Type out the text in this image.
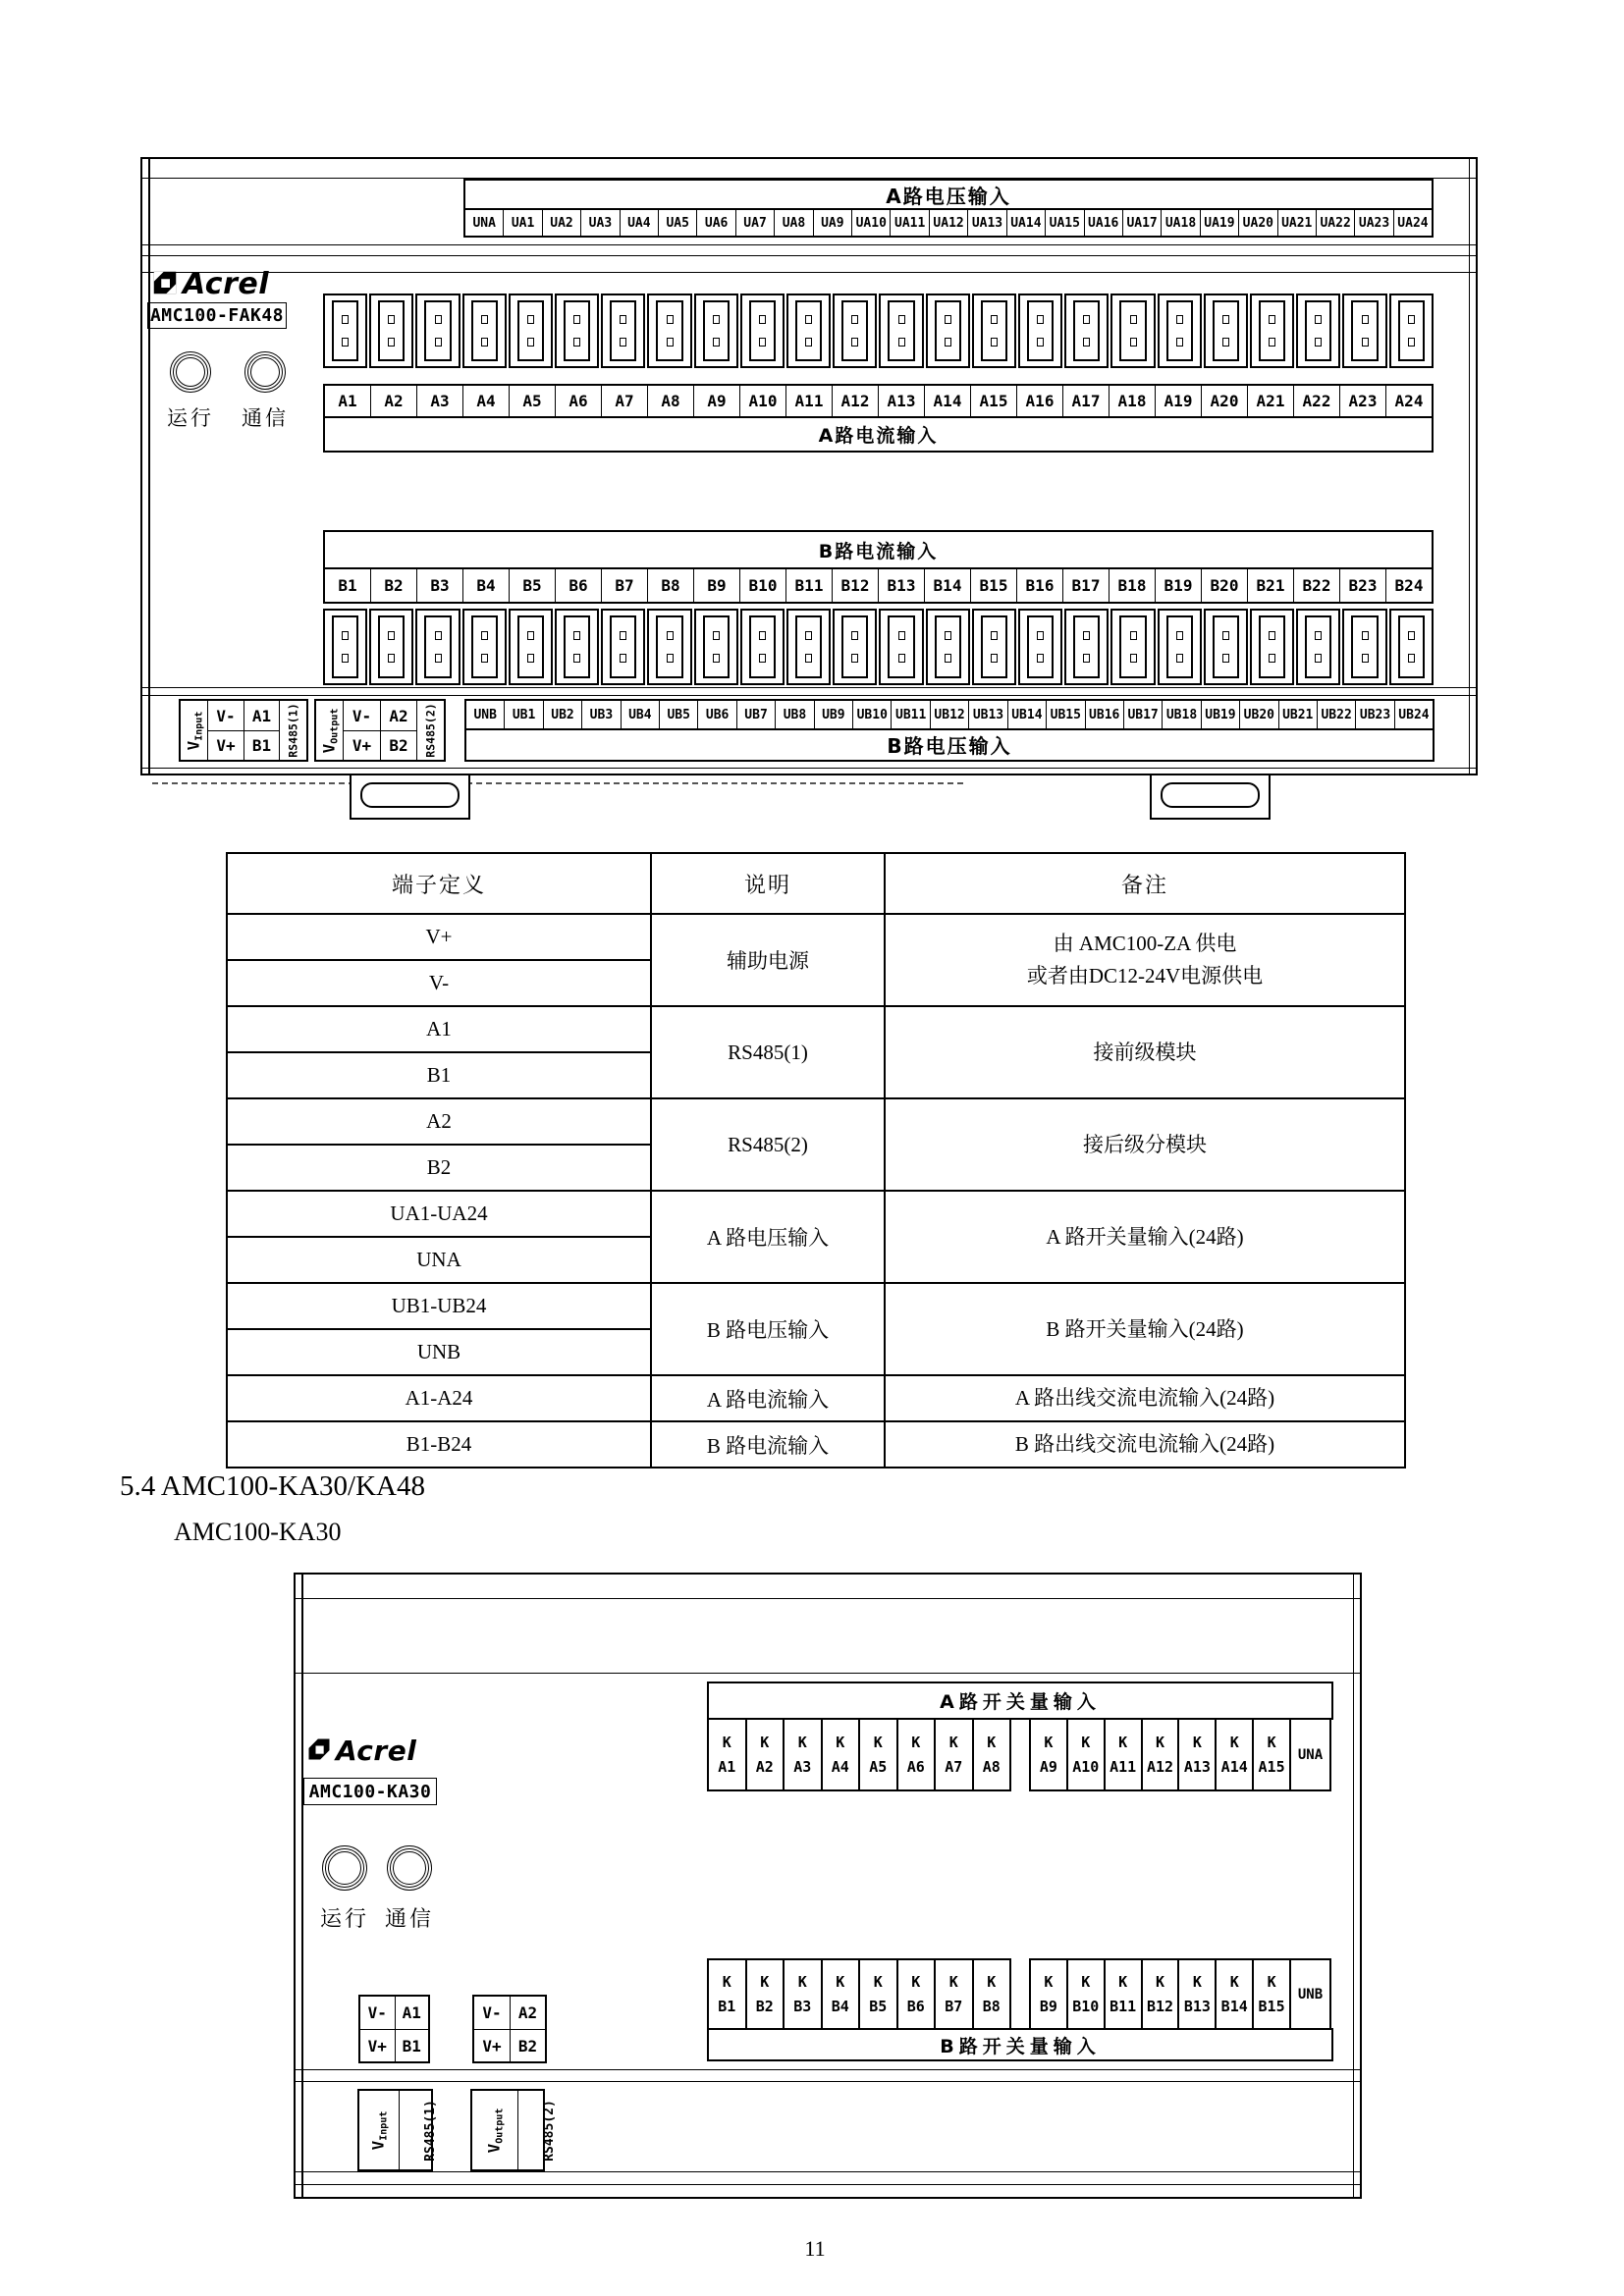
A路电压输入
UNA	UA1	UA2	UA3	UA4	UA5	UA6	UA7	UA8	UA9 UA10 UA11 UA12 UA13 UA14 UA15 UA16 UA17 UA18 UA19 UA20 UA21 UA22 UA23 UA24
Acrel
AMC100-FAK48
运行 通信
A1	A2	A3	A4	A5	A6	A7	A8	A9	A10	A11	A12	A13	A14	A15	A16	A17	A18	A19	A20	A21	A22	A23	A24
A路电流输入
B路电流输入
B1	B2	B3	B4	B5	B6	B7	B8	B9	B10	B11	B12	B13	B14	B15	B16	B17	B18	B19	B20	B21	B22	B23	B24
VInput V-	A1
V+	B1	RS485(1) VOutput V-	A2
V+	B2	RS485(2)	UNB	UB1	UB2	UB3	UB4	UB5	UB6	UB7	UB8	UB9 UB10 UB11 UB12 UB13 UB14 UB15 UB16 UB17 UB18 UB19 UB20 UB21 UB22 UB23 UB24
B路电压输入
端子定义	说明	备注
V+	辅助电源	由 AMC100-ZA 供电
或者由DC12-24V电源供电
V-		
A1	RS485(1)	接前级模块
B1		
A2	RS485(2)	接后级分模块
B2		
UA1-UA24	A 路电压输入	A 路开关量输入(24路)
UNA		
UB1-UB24	B 路电压输入	B 路开关量输入(24路)
UNB		
A1-A24	A 路电流输入	A 路出线交流电流输入(24路)
B1-B24	B 路电流输入	B 路出线交流电流输入(24路)
5.4 AMC100-KA30/KA48
AMC100-KA30
Acrel
AMC100-KA30
运行 通信
A路开关量输入
K
A1
K
A2
K
A3
K
A4
K
A5
K
A6
K
A7
K
A8
K
A9
K
A10
K
A11
K
A12
K
A13
K
A14
K
A15
UNA
V- A1
V+ B1
V-	A2
V+	B2
K
B1
K
B2
K
B3
K
B4
K
B5
K
B6
K
B7
K
B8
K
B9
K
B10
K
B11
K
B12
K
B13
K
B14
K
B15
UNB
B路开关量输入
VInput	RS485(1)	VOutput	RS485(2)
11
